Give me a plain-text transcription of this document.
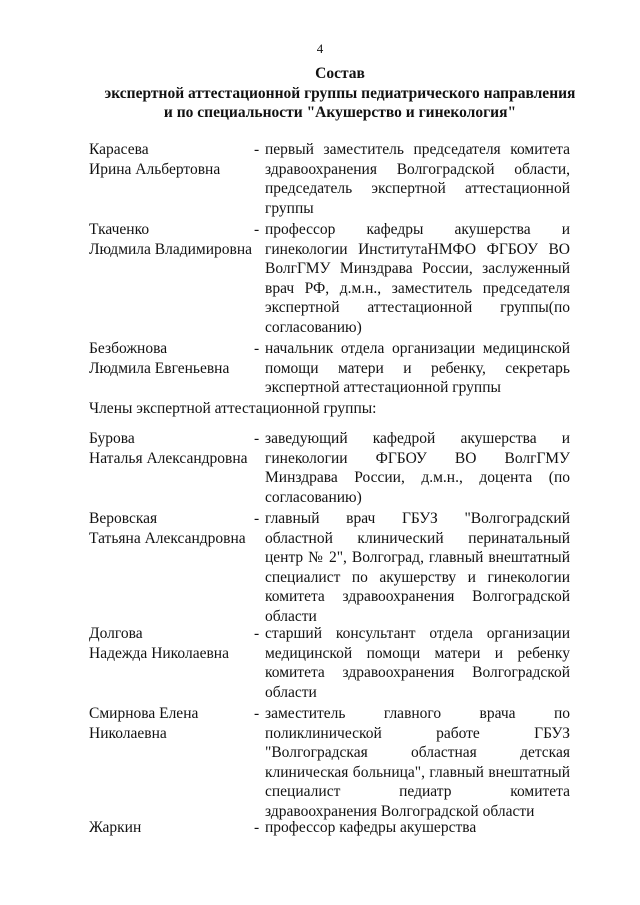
4
Состав
экспертной аттестационной группы педиатрического направления
и по специальности "Акушерство и гинекология"
Карасева
Ирина Альбертовна
- первый заместитель председателя комитета здравоохранения Волгоградской области, председатель экспертной аттестационной группы
Ткаченко
Людмила Владимировна
- профессор кафедры акушерства и гинекологии ИнститутаНМФО ФГБОУ ВО ВолгГМУ Минздрава России, заслуженный врач РФ, д.м.н., заместитель председателя экспертной аттестационной группы(по согласованию)
Безбожнова
Людмила Евгеньевна
- начальник отдела организации медицинской помощи матери и ребенку, секретарь экспертной аттестационной группы
Члены экспертной аттестационной группы:
Бурова
Наталья Александровна
- заведующий кафедрой акушерства и гинекологии ФГБОУ ВО ВолгГМУ Минздрава России, д.м.н., доцента (по согласованию)
Веровская
Татьяна Александровна
- главный врач ГБУЗ "Волгоградский областной клинический перинатальный центр № 2", Волгоград, главный внештатный специалист по акушерству и гинекологии комитета здравоохранения Волгоградской области
Долгова
Надежда Николаевна
- старший консультант отдела организации медицинской помощи матери и ребенку комитета здравоохранения Волгоградской области
Смирнова Елена
Николаевна
- заместитель главного врача по поликлинической работе ГБУЗ "Волгоградская областная детская клиническая больница", главный внештатный специалист педиатр комитета здравоохранения Волгоградской области
Жаркин	- профессор кафедры акушерства
